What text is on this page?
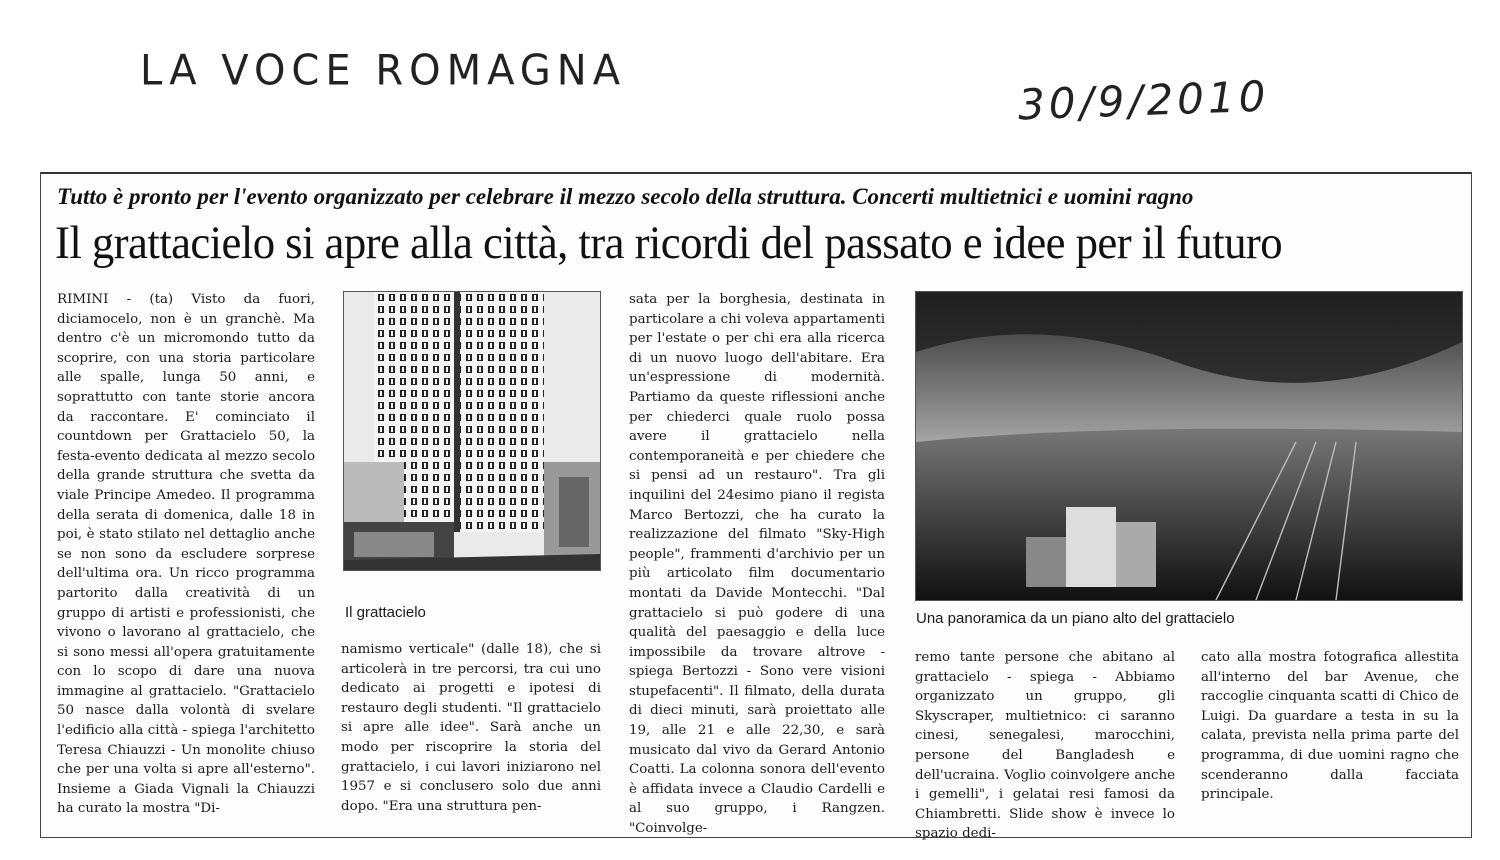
LA VOCE ROMAGNA
30/9/2010
Tutto è pronto per l'evento organizzato per celebrare il mezzo secolo della struttura. Concerti multietnici e uomini ragno
Il grattacielo si apre alla città, tra ricordi del passato e idee per il futuro

RIMINI - (ta) Visto da fuori, diciamocelo, non è un granchè. Ma dentro c'è un micromondo tutto da scoprire, con una storia particolare alle spalle, lunga 50 anni, e soprattutto con tante storie ancora da raccontare. E' cominciato il countdown per Grattacielo 50, la festa-evento dedicata al mezzo secolo della grande struttura che svetta da viale Principe Amedeo. Il programma della serata di domenica, dalle 18 in poi, è stato stilato nel dettaglio anche se non sono da escludere sorprese dell'ultima ora. Un ricco programma partorito dalla creatività di un gruppo di artisti e professionisti, che vivono o lavorano al grattacielo, che si sono messi all'opera gratuitamente con lo scopo di dare una nuova immagine al grattacielo. "Grattacielo 50 nasce dalla volontà di svelare l'edificio alla città - spiega l'architetto Teresa Chiauzzi - Un monolite chiuso che per una volta si apre all'esterno". Insieme a Giada Vignali la Chiauzzi ha curato la mostra "Di-

Il grattacielo

namismo verticale" (dalle 18), che si articolerà in tre percorsi, tra cui uno dedicato ai progetti e ipotesi di restauro degli studenti. "Il grattacielo si apre alle idee". Sarà anche un modo per riscoprire la storia del grattacielo, i cui lavori iniziarono nel 1957 e si conclusero solo due anni dopo. "Era una struttura pen-

sata per la borghesia, destinata in particolare a chi voleva appartamenti per l'estate o per chi era alla ricerca di un nuovo luogo dell'abitare. Era un'espressione di modernità. Partiamo da queste riflessioni anche per chiederci quale ruolo possa avere il grattacielo nella contemporaneità e per chiedere che si pensi ad un restauro". Tra gli inquilini del 24esimo piano il regista Marco Bertozzi, che ha curato la realizzazione del filmato "Sky-High people", frammenti d'archivio per un più articolato film documentario montati da Davide Montecchi. "Dal grattacielo si può godere di una qualità del paesaggio e della luce impossibile da trovare altrove - spiega Bertozzi - Sono vere visioni stupefacenti". Il filmato, della durata di dieci minuti, sarà proiettato alle 19, alle 21 e alle 22,30, e sarà musicato dal vivo da Gerard Antonio Coatti. La colonna sonora dell'evento è affidata invece a Claudio Cardelli e al suo gruppo, i Rangzen. "Coinvolge-

Una panoramica da un piano alto del grattacielo

remo tante persone che abitano al grattacielo - spiega - Abbiamo organizzato un gruppo, gli Skyscraper, multietnico: ci saranno cinesi, senegalesi, marocchini, persone del Bangladesh e dell'ucraina. Voglio coinvolgere anche i gemelli", i gelatai resi famosi da Chiambretti. Slide show è invece lo spazio dedi-

cato alla mostra fotografica allestita all'interno del bar Avenue, che raccoglie cinquanta scatti di Chico de Luigi. Da guardare a testa in su la calata, prevista nella prima parte del programma, di due uomini ragno che scenderanno dalla facciata principale.
